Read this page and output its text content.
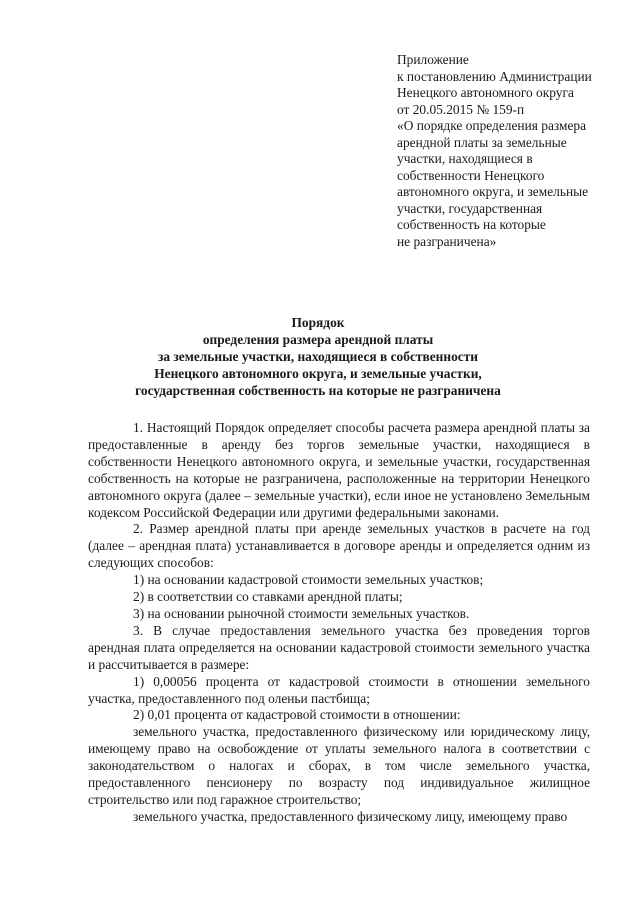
Приложение
к постановлению Администрации
Ненецкого автономного округа
от 20.05.2015 № 159-п
«О порядке определения размера
арендной платы за земельные
участки, находящиеся в
собственности Ненецкого
автономного округа, и земельные
участки, государственная
собственность на которые
не разграничена»
Порядок
определения размера арендной платы
за земельные участки, находящиеся в собственности
Ненецкого автономного округа, и земельные участки,
государственная собственность на которые не разграничена

1. Настоящий Порядок определяет способы расчета размера арендной платы за предоставленные в аренду без торгов земельные участки, находящиеся в собственности Ненецкого автономного округа, и земельные участки, государственная собственность на которые не разграничена, расположенные на территории Ненецкого автономного округа (далее – земельные участки), если иное не установлено Земельным кодексом Российской Федерации или другими федеральными законами.

2. Размер арендной платы при аренде земельных участков в расчете на год (далее – арендная плата) устанавливается в договоре аренды и определяется одним из следующих способов:

1) на основании кадастровой стоимости земельных участков;

2) в соответствии со ставками арендной платы;

3) на основании рыночной стоимости земельных участков.

3. В случае предоставления земельного участка без проведения торгов арендная плата определяется на основании кадастровой стоимости земельного участка и рассчитывается в размере:

1) 0,00056 процента от кадастровой стоимости в отношении земельного участка, предоставленного под оленьи пастбища;

2) 0,01 процента от кадастровой стоимости в отношении:

земельного участка, предоставленного физическому или юридическому лицу, имеющему право на освобождение от уплаты земельного налога в соответствии с законодательством о налогах и сборах, в том числе земельного участка, предоставленного пенсионеру по возрасту под индивидуальное жилищное строительство или под гаражное строительство;

земельного участка, предоставленного физическому лицу, имеющему право
